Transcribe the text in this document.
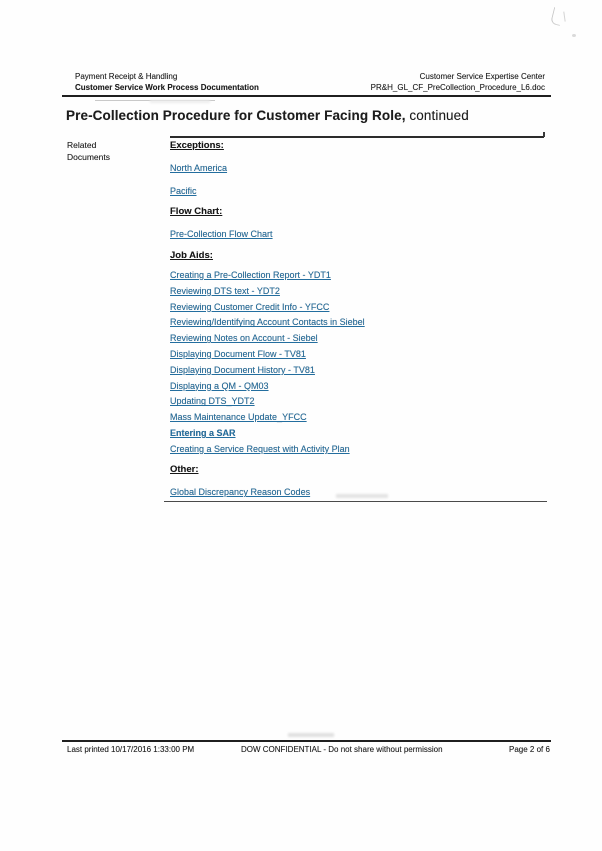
Payment Receipt & Handling
Customer Service Work Process Documentation
Customer Service Expertise Center
PR&H_GL_CF_PreCollection_Procedure_L6.doc
Pre-Collection Procedure for Customer Facing Role, continued
Related Documents
Exceptions:
North America
Pacific
Flow Chart:
Pre-Collection Flow Chart
Job Aids:
Creating a Pre-Collection Report - YDT1
Reviewing DTS text - YDT2
Reviewing Customer Credit Info - YFCC
Reviewing/Identifying Account Contacts in Siebel
Reviewing Notes on Account - Siebel
Displaying Document Flow - TV81
Displaying Document History - TV81
Displaying a QM - QM03
Updating DTS_YDT2
Mass Maintenance Update_YFCC
Entering a SAR
Creating a Service Request with Activity Plan
Other:
Global Discrepancy Reason Codes
Last printed 10/17/2016 1:33:00 PM	DOW CONFIDENTIAL - Do not share without permission	Page 2 of 6
